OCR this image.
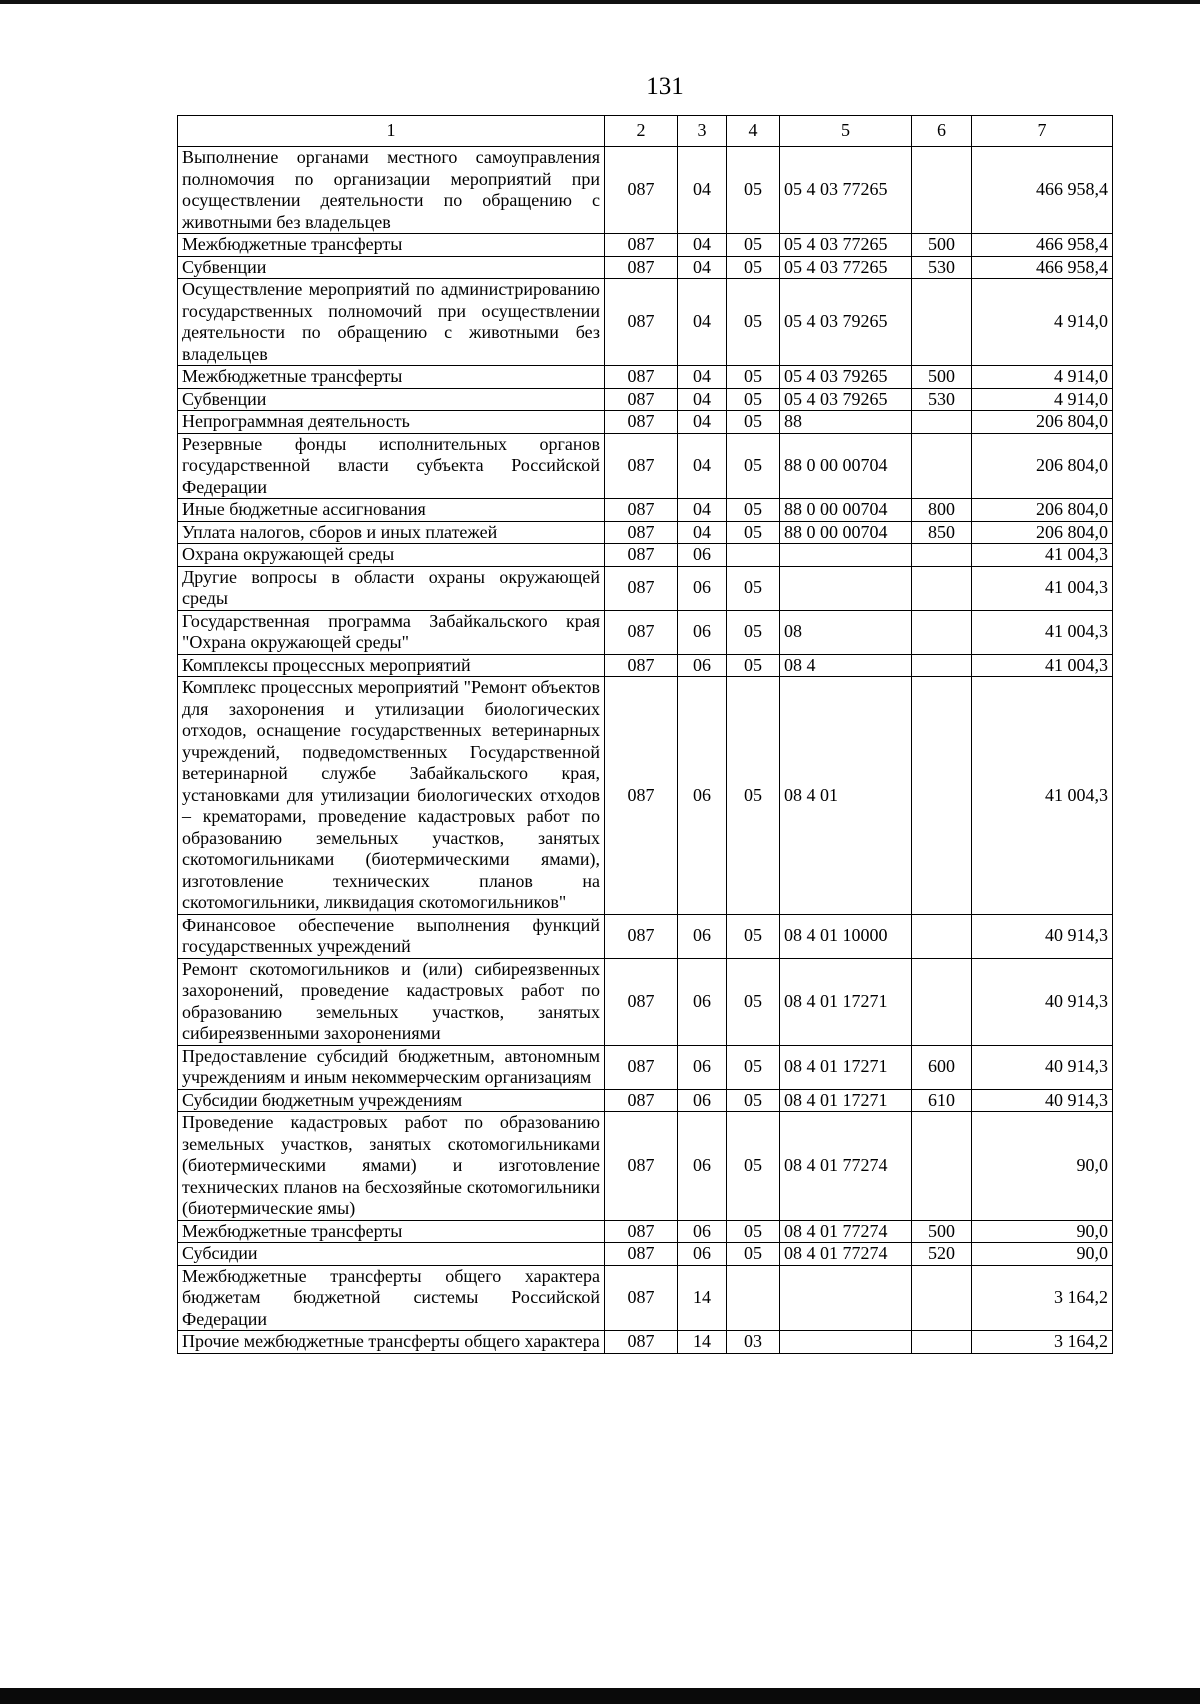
131
1	2	3	4	5	6	7
Выполнение органами местного самоуправления полномочия по организации мероприятий при осуществлении деятельности по обращению с животными без владельцев	087	04	05	05 4 03 77265		466 958,4
Межбюджетные трансферты	087	04	05	05 4 03 77265	500	466 958,4
Субвенции	087	04	05	05 4 03 77265	530	466 958,4
Осуществление мероприятий по администрированию государственных полномочий при осуществлении деятельности по обращению с животными без владельцев	087	04	05	05 4 03 79265		4 914,0
Межбюджетные трансферты	087	04	05	05 4 03 79265	500	4 914,0
Субвенции	087	04	05	05 4 03 79265	530	4 914,0
Непрограммная деятельность	087	04	05	88		206 804,0
Резервные фонды исполнительных органов государственной власти субъекта Российской Федерации	087	04	05	88 0 00 00704		206 804,0
Иные бюджетные ассигнования	087	04	05	88 0 00 00704	800	206 804,0
Уплата налогов, сборов и иных платежей	087	04	05	88 0 00 00704	850	206 804,0
Охрана окружающей среды	087	06				41 004,3
Другие вопросы в области охраны окружающей среды	087	06	05			41 004,3
Государственная программа Забайкальского края "Охрана окружающей среды"	087	06	05	08		41 004,3
Комплексы процессных мероприятий	087	06	05	08 4		41 004,3
Комплекс процессных мероприятий "Ремонт объектов для захоронения и утилизации биологических отходов, оснащение государственных ветеринарных учреждений, подведомственных Государственной ветеринарной службе Забайкальского края, установками для утилизации биологических отходов – крематорами, проведение кадастровых работ по образованию земельных участков, занятых скотомогильниками (биотермическими ямами), изготовление технических планов на скотомогильники, ликвидация скотомогильников"	087	06	05	08 4 01		41 004,3
Финансовое обеспечение выполнения функций государственных учреждений	087	06	05	08 4 01 10000		40 914,3
Ремонт скотомогильников и (или) сибиреязвенных захоронений, проведение кадастровых работ по образованию земельных участков, занятых сибиреязвенными захоронениями	087	06	05	08 4 01 17271		40 914,3
Предоставление субсидий бюджетным, автономным учреждениям и иным некоммерческим организациям	087	06	05	08 4 01 17271	600	40 914,3
Субсидии бюджетным учреждениям	087	06	05	08 4 01 17271	610	40 914,3
Проведение кадастровых работ по образованию земельных участков, занятых скотомогильниками (биотермическими ямами) и изготовление технических планов на бесхозяйные скотомогильники (биотермические ямы)	087	06	05	08 4 01 77274		90,0
Межбюджетные трансферты	087	06	05	08 4 01 77274	500	90,0
Субсидии	087	06	05	08 4 01 77274	520	90,0
Межбюджетные трансферты общего характера бюджетам бюджетной системы Российской Федерации	087	14				3 164,2
Прочие межбюджетные трансферты общего характера	087	14	03			3 164,2
